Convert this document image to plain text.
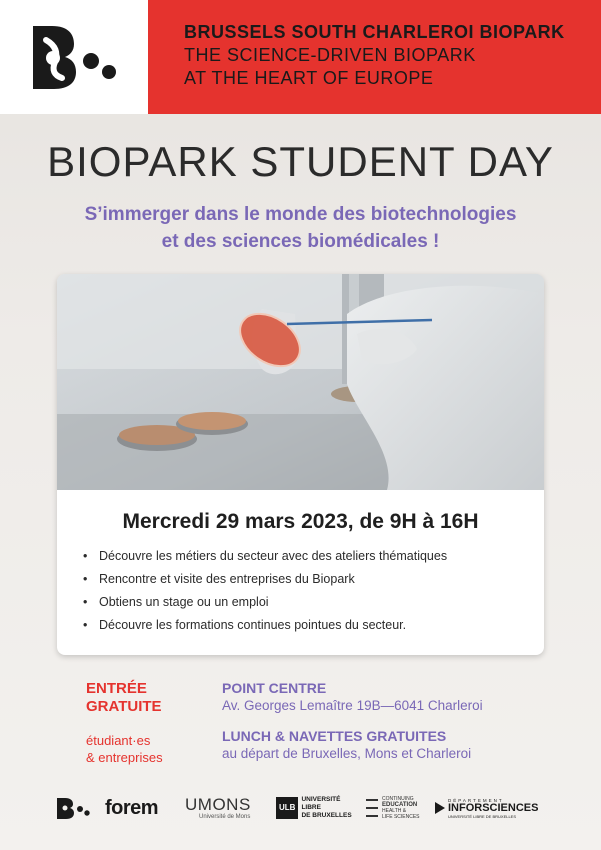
BRUSSELS SOUTH CHARLEROI BIOPARK
THE SCIENCE-DRIVEN BIOPARK
AT THE HEART OF EUROPE
BIOPARK STUDENT DAY
S’immerger dans le monde des biotechnologies
et des sciences biomédicales !
Mercredi 29 mars 2023, de 9H à 16H
• Découvre les métiers du secteur avec des ateliers thématiques
• Rencontre et visite des entreprises du Biopark
• Obtiens un stage ou un emploi
• Découvre les formations continues pointues du secteur.
ENTRÉE
GRATUITE
étudiant·es
& entreprises
POINT CENTRE
Av. Georges Lemaître 19B—6041 Charleroi
LUNCH & NAVETTES GRATUITES
au départ de Bruxelles, Mons et Charleroi
forem UMONS
Université de Mons
ULB
UNIVERSITÉ
LIBRE
DE BRUXELLES
CONTINUING
EDUCATION
HEALTH &
LIFE SCIENCES
DÉPARTEMENT
INFORSCIENCES
UNIVERSITÉ LIBRE DE BRUXELLES
